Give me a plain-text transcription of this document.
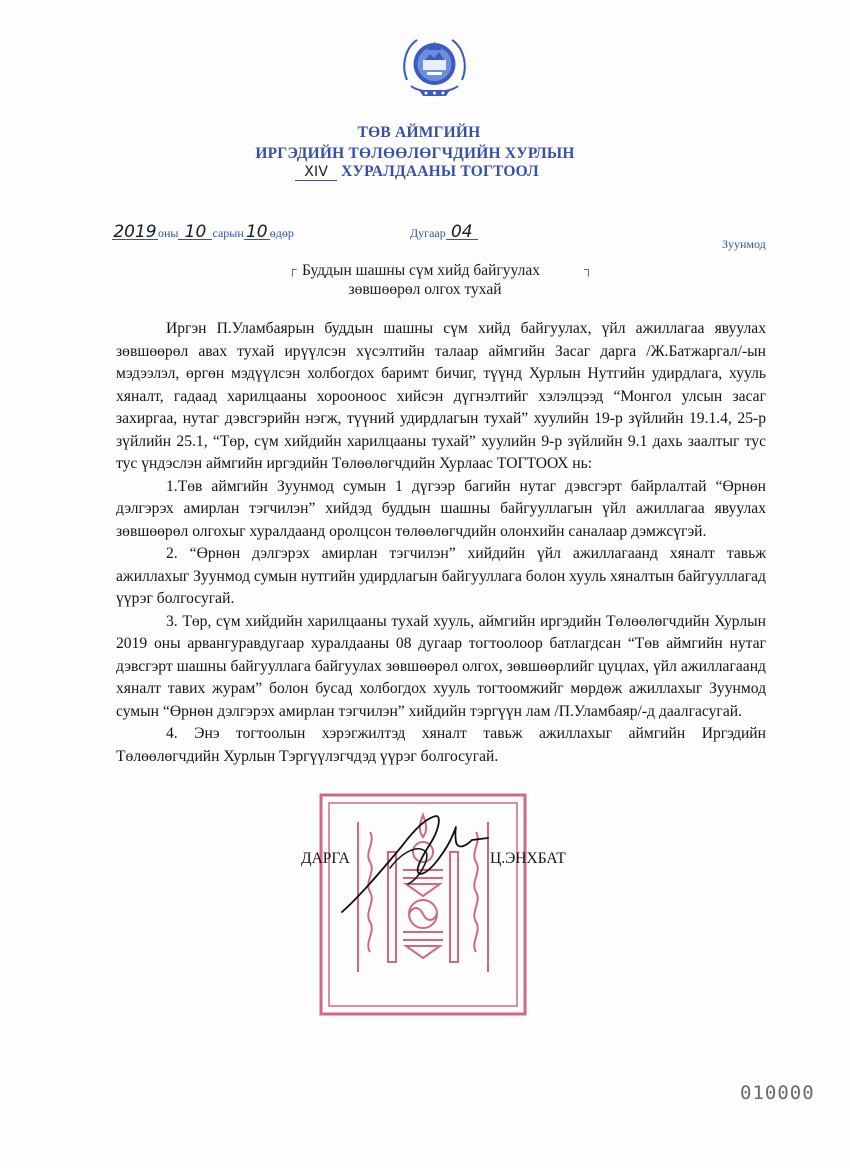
ТӨВ АЙМГИЙН
ИРГЭДИЙН ТӨЛӨӨЛӨГЧДИЙН ХУРЛЫН
XIV ХУРАЛДААНЫ ТОГТООЛ
2019оны 10 сарын 10 өдөр	Дугаар 04
Зуунмод
┌	┐
Буддын шашны сүм хийд байгуулах
зөвшөөрөл олгох тухай

Иргэн П.Уламбаярын буддын шашны сүм хийд байгуулах, үйл ажиллагаа явуулах зөвшөөрөл авах тухай ирүүлсэн хүсэлтийн талаар аймгийн Засаг дарга /Ж.Батжаргал/-ын мэдээлэл, өргөн мэдүүлсэн холбогдох баримт бичиг, түүнд Хурлын Нутгийн удирдлага, хууль хяналт, гадаад харилцааны хорооноос хийсэн дүгнэлтийг хэлэлцээд “Монгол улсын засаг захиргаа, нутаг дэвсгэрийн нэгж, түүний удирдлагын тухай” хуулийн 19-р зүйлийн 19.1.4, 25-р зүйлийн 25.1, “Төр, сүм хийдийн харилцааны тухай” хуулийн 9-р зүйлийн 9.1 дахь заалтыг тус тус үндэслэн аймгийн иргэдийн Төлөөлөгчдийн Хурлаас ТОГТООХ нь:

1.Төв аймгийн Зуунмод сумын 1 дүгээр багийн нутаг дэвсгэрт байрлалтай “Өрнөн дэлгэрэх амирлан тэгчилэн” хийдэд буддын шашны байгууллагын үйл ажиллагаа явуулах зөвшөөрөл олгохыг хуралдаанд оролцсон төлөөлөгчдийн олонхийн саналаар дэмжсүгэй.

2. “Өрнөн дэлгэрэх амирлан тэгчилэн” хийдийн үйл ажиллагаанд хяналт тавьж ажиллахыг Зуунмод сумын нутгийн удирдлагын байгууллага болон хууль хяналтын байгууллагад үүрэг болгосугай.

3. Төр, сүм хийдийн харилцааны тухай хууль, аймгийн иргэдийн Төлөөлөгчдийн Хурлын 2019 оны арвангуравдугаар хуралдааны 08 дугаар тогтоолоор батлагдсан “Төв аймгийн нутаг дэвсгэрт шашны байгууллага байгуулах зөвшөөрөл олгох, зөвшөөрлийг цуцлах, үйл ажиллагаанд хяналт тавих журам” болон бусад холбогдох хууль тогтоомжийг мөрдөж ажиллахыг Зуунмод сумын “Өрнөн дэлгэрэх амирлан тэгчилэн” хийдийн тэргүүн лам /П.Уламбаяр/-д даалгасугай.

4. Энэ тогтоолын хэрэгжилтэд хяналт тавьж ажиллахыг аймгийн Иргэдийн Төлөөлөгчдийн Хурлын Тэргүүлэгчдэд үүрэг болгосугай.

ДАРГА	Ц.ЭНХБАТ
010000
